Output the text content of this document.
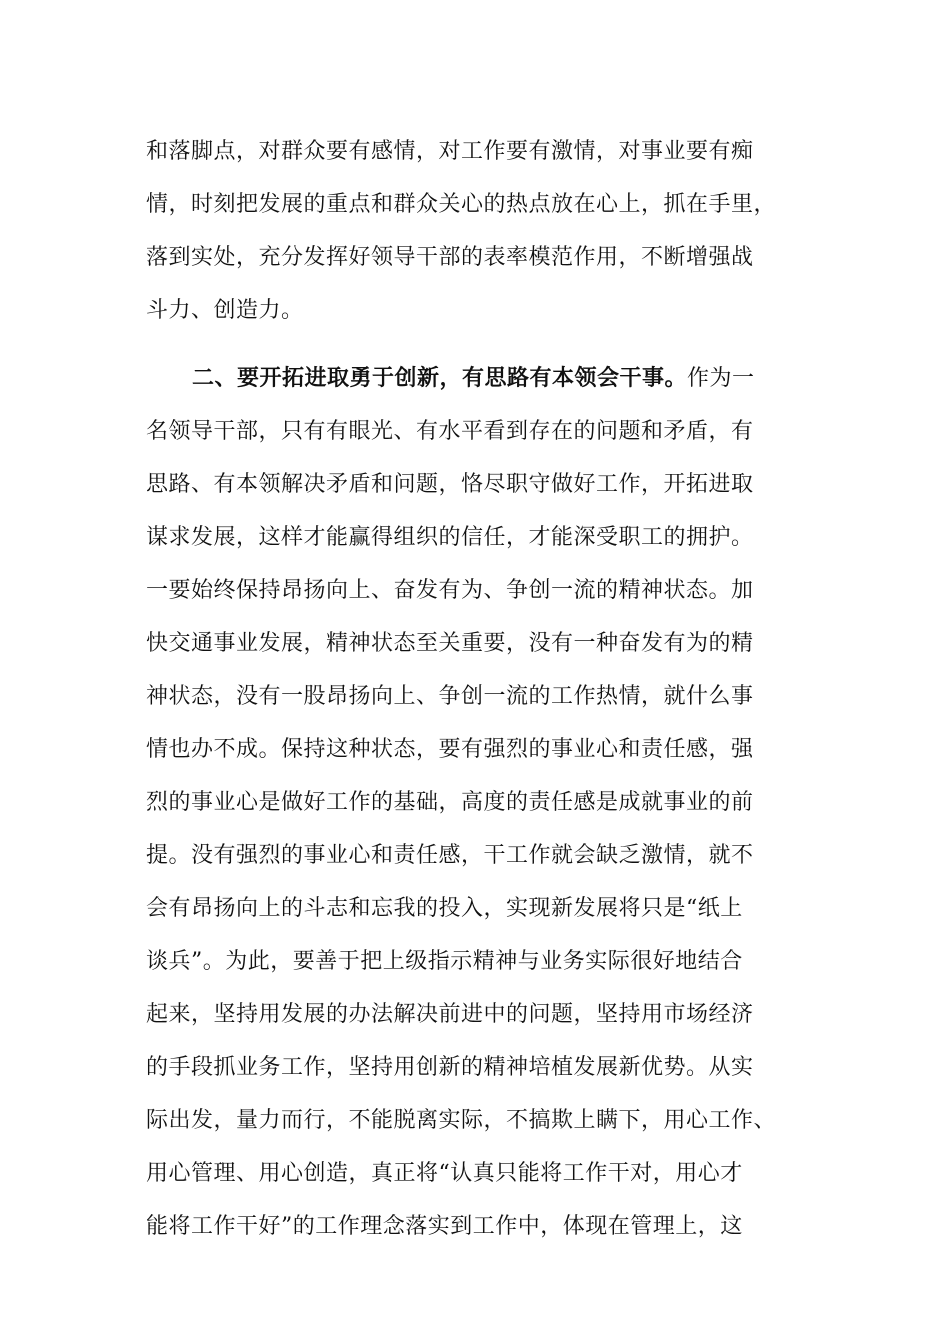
和落脚点，对群众要有感情，对工作要有激情，对事业要有痴
情，时刻把发展的重点和群众关心的热点放在心上，抓在手里，
落到实处，充分发挥好领导干部的表率模范作用，不断增强战
斗力、创造力。
二、要开拓进取勇于创新，有思路有本领会干事。作为一
名领导干部，只有有眼光、有水平看到存在的问题和矛盾，有
思路、有本领解决矛盾和问题，恪尽职守做好工作，开拓进取
谋求发展，这样才能赢得组织的信任，才能深受职工的拥护。
一要始终保持昂扬向上、奋发有为、争创一流的精神状态。加
快交通事业发展，精神状态至关重要，没有一种奋发有为的精
神状态，没有一股昂扬向上、争创一流的工作热情，就什么事
情也办不成。保持这种状态，要有强烈的事业心和责任感，强
烈的事业心是做好工作的基础，高度的责任感是成就事业的前
提。没有强烈的事业心和责任感，干工作就会缺乏激情，就不
会有昂扬向上的斗志和忘我的投入，实现新发展将只是“纸上
谈兵”。为此，要善于把上级指示精神与业务实际很好地结合
起来，坚持用发展的办法解决前进中的问题，坚持用市场经济
的手段抓业务工作，坚持用创新的精神培植发展新优势。从实
际出发，量力而行，不能脱离实际，不搞欺上瞒下，用心工作、
用心管理、用心创造，真正将“认真只能将工作干对，用心才
能将工作干好”的工作理念落实到工作中，体现在管理上，这
